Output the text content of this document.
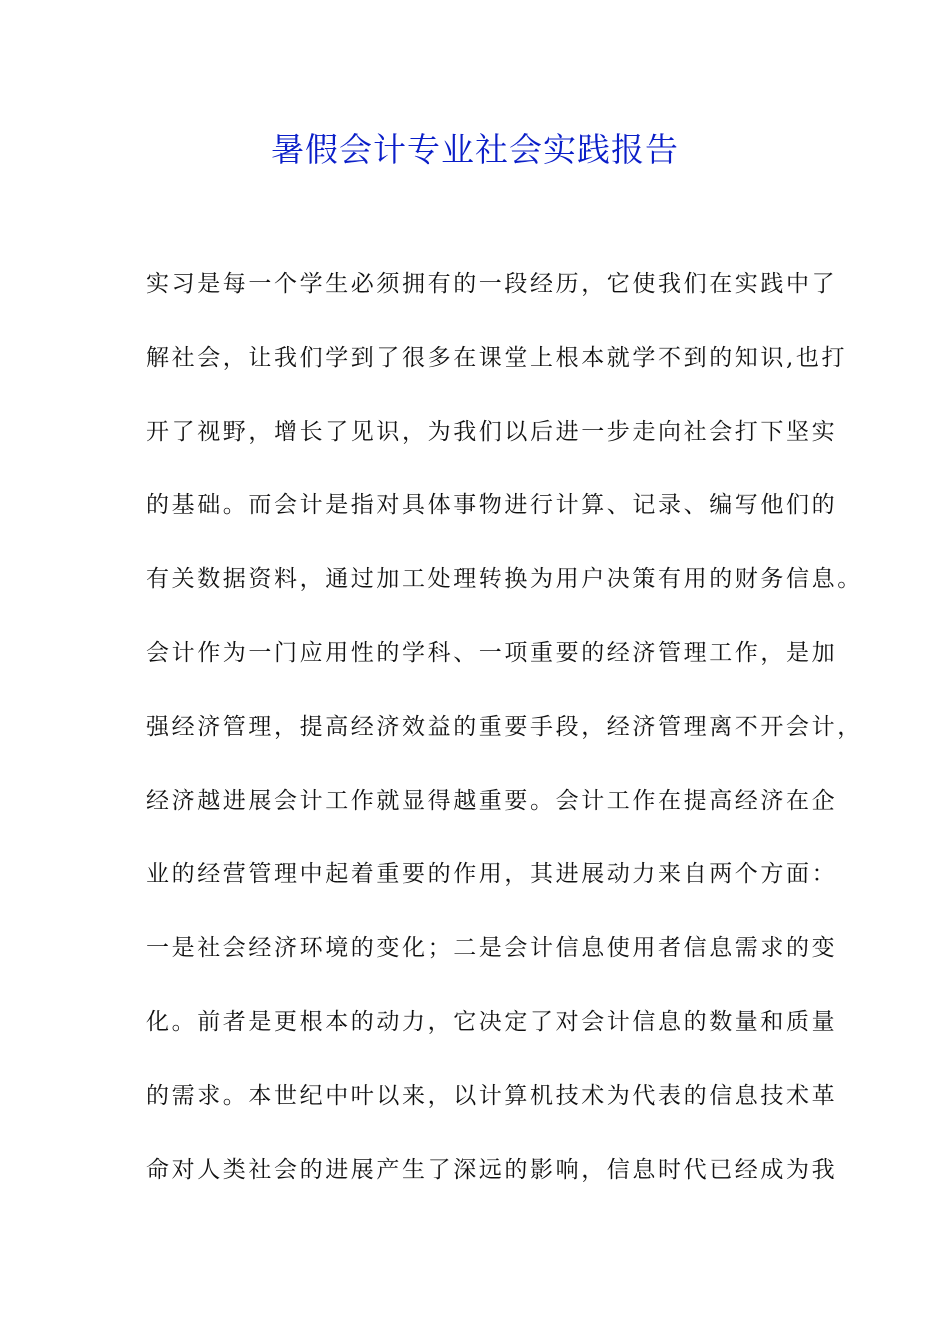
暑假会计专业社会实践报告
实习是每一个学生必须拥有的一段经历，它使我们在实践中了
解社会，让我们学到了很多在课堂上根本就学不到的知识,也打
开了视野，增长了见识，为我们以后进一步走向社会打下坚实
的基础。而会计是指对具体事物进行计算、记录、编写他们的
有关数据资料，通过加工处理转换为用户决策有用的财务信息。
会计作为一门应用性的学科、一项重要的经济管理工作，是加
强经济管理，提高经济效益的重要手段，经济管理离不开会计，
经济越进展会计工作就显得越重要。会计工作在提高经济在企
业的经营管理中起着重要的作用，其进展动力来自两个方面：
一是社会经济环境的变化；二是会计信息使用者信息需求的变
化。前者是更根本的动力，它决定了对会计信息的数量和质量
的需求。本世纪中叶以来，以计算机技术为代表的信息技术革
命对人类社会的进展产生了深远的影响，信息时代已经成为我
